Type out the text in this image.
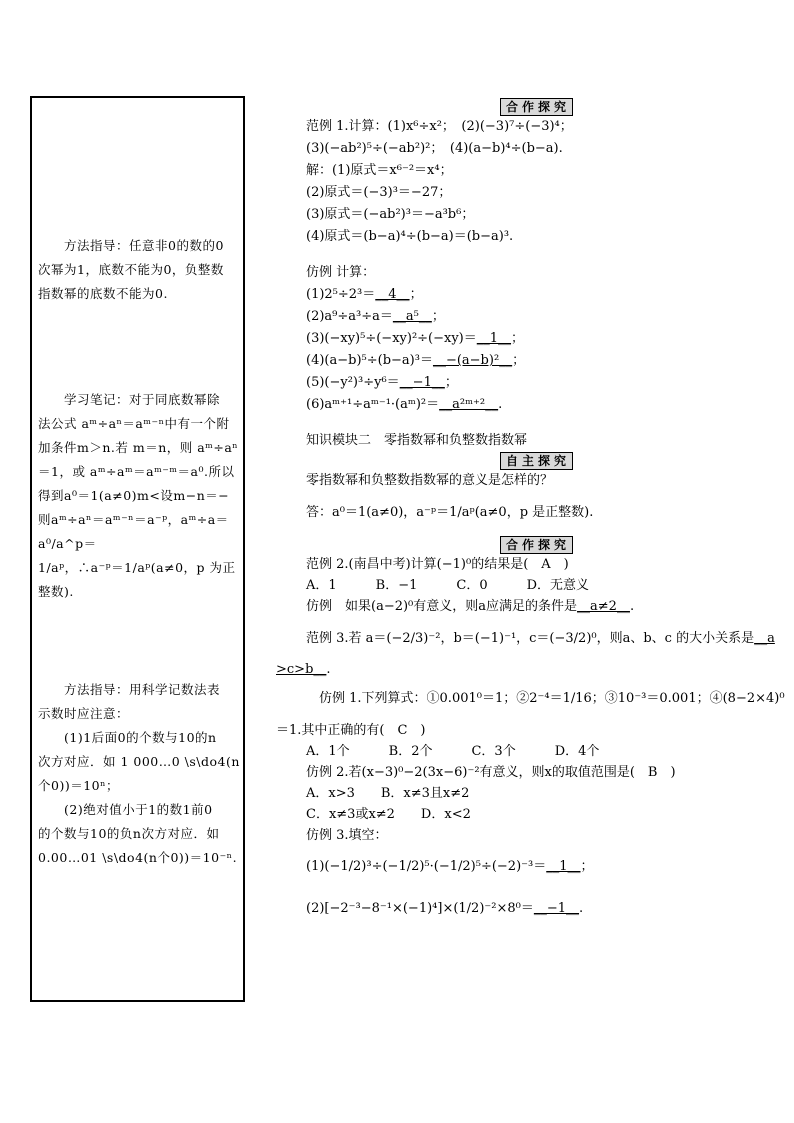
　　方法指导：任意非0的数的0

次幂为1，底数不能为0，负整数

指数幂的底数不能为0.

　　学习笔记：对于同底数幂除

法公式 aᵐ÷aⁿ＝aᵐ⁻ⁿ中有一个附

加条件m＞n.若 m＝n，则 aᵐ÷aⁿ

＝1，或 aᵐ÷aᵐ＝aᵐ⁻ᵐ＝a⁰.所以

得到a⁰＝1(a≠0)m<设m−n＝−

则aᵐ÷aⁿ＝aᵐ⁻ⁿ＝a⁻ᵖ，aᵐ÷a＝a⁰/a^p＝

1/aᵖ，∴a⁻ᵖ＝1/aᵖ(a≠0，p 为正整数).

　　方法指导：用科学记数法表

示数时应注意：

　　(1)1后面0的个数与10的n

次方对应．如 1 000…0 \s\do4(n

个0))＝10ⁿ；

　　(2)绝对值小于1的数1前0

的个数与10的负n次方对应．如

0.00…01 \s\do4(n个0))＝10⁻ⁿ.

合作探究
范例 1.计算：(1)x⁶÷x²；　(2)(−3)⁷÷(−3)⁴；
(3)(−ab²)⁵÷(−ab²)²；　(4)(a−b)⁴÷(b−a).
解：(1)原式＝x⁶⁻²＝x⁴；
(2)原式＝(−3)³＝−27；
(3)原式＝(−ab²)³＝−a³b⁶；
(4)原式＝(b−a)⁴÷(b−a)＝(b−a)³.
仿例 计算：
(1)2⁵÷2³＝__4__；
(2)a⁹÷a³÷a＝__a⁵__；
(3)(−xy)⁵÷(−xy)²÷(−xy)＝__1__；
(4)(a−b)⁵÷(b−a)³＝__−(a−b)²__；
(5)(−y²)³÷y⁶＝__−1__；
(6)aᵐ⁺¹÷aᵐ⁻¹·(aᵐ)²＝__a²ᵐ⁺²__.
知识模块二　零指数幂和负整数指数幂
自主探究
零指数幂和负整数指数幂的意义是怎样的？
答：a⁰＝1(a≠0)，a⁻ᵖ＝1/aᵖ(a≠0，p 是正整数).
合作探究
范例 2.(南昌中考)计算(−1)⁰的结果是(　A　)
A．1　　　B．−1　　　C．0　　　D．无意义
仿例　如果(a−2)⁰有意义，则a应满足的条件是__a≠2__.
范例 3.若 a＝(−2/3)⁻²，b＝(−1)⁻¹，c＝(−3/2)⁰，则a、b、c 的大小关系是__a
>c>b__.
　仿例 1.下列算式：①0.001⁰＝1；②2⁻⁴＝1/16；③10⁻³＝0.001；④(8−2×4)⁰
＝1.其中正确的有(　C　)
A．1个　　　B．2个　　　C．3个　　　D．4个
仿例 2.若(x−3)⁰−2(3x−6)⁻²有意义，则x的取值范围是(　B　)
A．x>3　　B．x≠3且x≠2
C．x≠3或x≠2　　D．x<2
仿例 3.填空：
(1)(−1/2)³÷(−1/2)⁵·(−1/2)⁵÷(−2)⁻³＝__1__；
(2)[−2⁻³−8⁻¹×(−1)⁴]×(1/2)⁻²×8⁰＝__−1__.
